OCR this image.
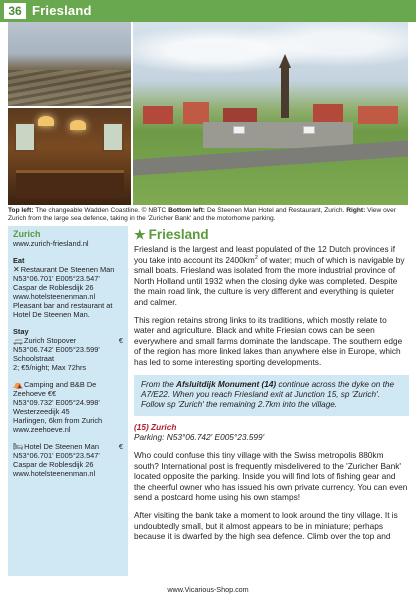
36 Friesland
Top left: The changeable Wadden Coastline. © NBTC Bottom left: De Steenen Man Hotel and Restaurant, Zurich. Right: View over Zurich from the large sea defence, taking in the 'Zuricher Bank' and the motorhome parking.
Zurich
www.zurich-friesland.nl
Eat
✕Restaurant De Steenen Man
N53°06.701' E005°23.547'
Caspar de Roblesdijk 26
www.hotelsteenenman.nl
Pleasant bar and restaurant at
Hotel De Steenen Man.
Stay
€
🚐Zurich Stopover
N53°06.742' E005°23.599'
Schoolstraat
2; €5/night; Max 72hrs
⛺Camping and B&B De
Zeehoeve €€
N53°09.732' E005°24.998'
Westerzeedijk 45
Harlingen, 6km from Zurich
www.zeehoeve.nl
€
🛏Hotel De Steenen Man
N53°06.701' E005°23.547'
Caspar de Roblesdijk 26
www.hotelsteenenman.nl
★ Friesland

Friesland is the largest and least populated of the 12 Dutch provinces if you take into account its $2400km^2$ of water; much of which is navigable by small boats. Friesland was isolated from the more industrial province of North Holland until 1932 when the closing dyke was completed. Despite the main road link, the culture is very different and everything is quieter and calmer.

This region retains strong links to its traditions, which mostly relate to water and agriculture. Black and white Friesian cows can be seen everywhere and small farms dominate the landscape. The southern edge of the region has more linked lakes than anywhere else in Europe, which has led to some interesting sporting developments.

From the Afsluitdijk Monument (14) continue across the dyke on the A7/E22. When you reach Friesland exit at Junction 15, sp 'Zurich'. Follow sp 'Zurich' the remaining 2.7km into the village.
(15) Zurich
Parking: N53°06.742' E005°23.599'

Who could confuse this tiny village with the Swiss metropolis 880km south? International post is frequently misdelivered to the 'Zuricher Bank' located opposite the parking. Inside you will find lots of fishing gear and the cheerful owner who has issued his own private currency. You can even send a postcard home using his own stamps!

After visiting the bank take a moment to look around the tiny village. It is undoubtedly small, but it almost appears to be in miniature; perhaps because it is dwarfed by the high sea defence. Climb over the top and

www.Vicarious-Shop.com
